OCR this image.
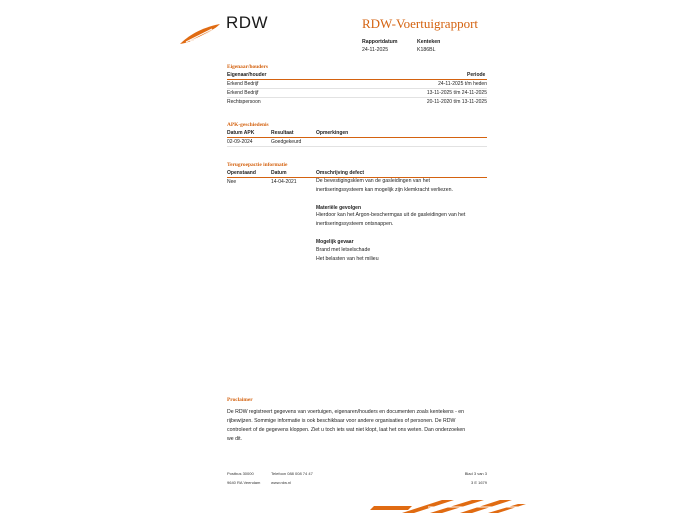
RDW	RDW-Voertuigrapport
Rapportdatum
24-11-2025
Kenteken
K186BL
Eigenaar/houders
Eigenaar/houder	Periode
Erkend Bedrijf	24-11-2025 t/m heden
Erkend Bedrijf	13-11-2025 t/m 24-11-2025
Rechtspersoon	20-11-2020 t/m 13-11-2025
APK-geschiedenis
Datum APK	Resultaat	Opmerkingen
02-09-2024	Goedgekeurd
Terugroepactie informatie
Openstaand	Datum	Omschrijving defect
Nee	14-04-2021	De bevestigingsklem van de gasleidingen van het
inertiseringssysteem kan mogelijk zijn klemkracht verliezen.
Materiële gevolgen
Hierdoor kan het Argon-beschermgas uit de gasleidingen van het
inertiseringssysteem ontsnappen.
Mogelijk gevaar
Brand met letselschade
Het belasten van het milieu
Proclaimer
De RDW registreert gegevens van voertuigen, eigenaren/houders en documenten zoals kentekens - en
rijbewijzen. Sommige informatie is ook beschikbaar voor andere organisaties of personen. De RDW
controleert of de gegevens kloppen. Ziet u toch iets wat niet klopt, laat het ons weten. Dan onderzoeken
we dit.
Postbus 30000
9640 RA Veendam
Telefoon 088 008 74 47
www.rdw.nl
Blad 3 van 3
3 E 1679
